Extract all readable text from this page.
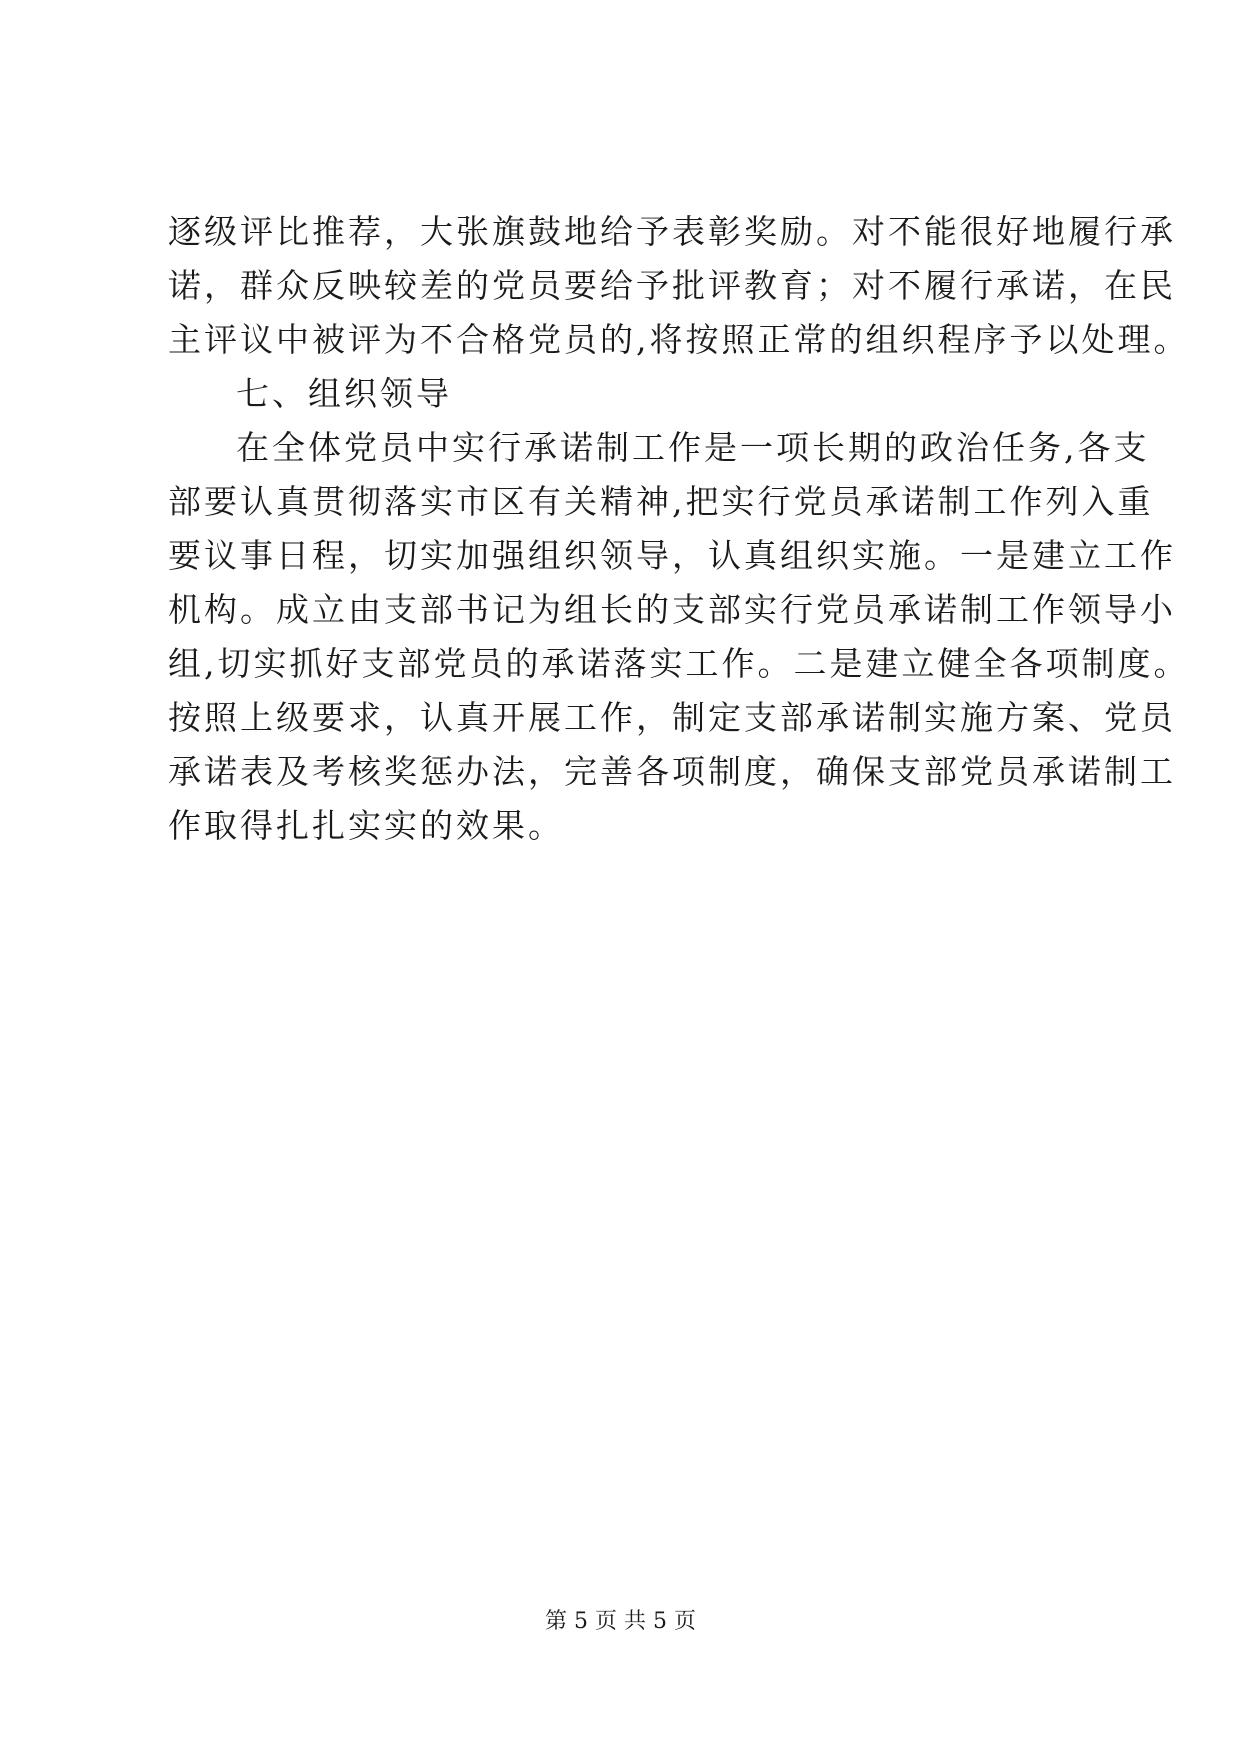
逐级评比推荐，大张旗鼓地给予表彰奖励。对不能很好地履行承
诺，群众反映较差的党员要给予批评教育；对不履行承诺，在民
主评议中被评为不合格党员的,将按照正常的组织程序予以处理。
七、组织领导
在全体党员中实行承诺制工作是一项长期的政治任务,各支
部要认真贯彻落实市区有关精神,把实行党员承诺制工作列入重
要议事日程，切实加强组织领导，认真组织实施。一是建立工作
机构。成立由支部书记为组长的支部实行党员承诺制工作领导小
组,切实抓好支部党员的承诺落实工作。二是建立健全各项制度。
按照上级要求，认真开展工作，制定支部承诺制实施方案、党员
承诺表及考核奖惩办法，完善各项制度，确保支部党员承诺制工
作取得扎扎实实的效果。
第 5 页 共 5 页
